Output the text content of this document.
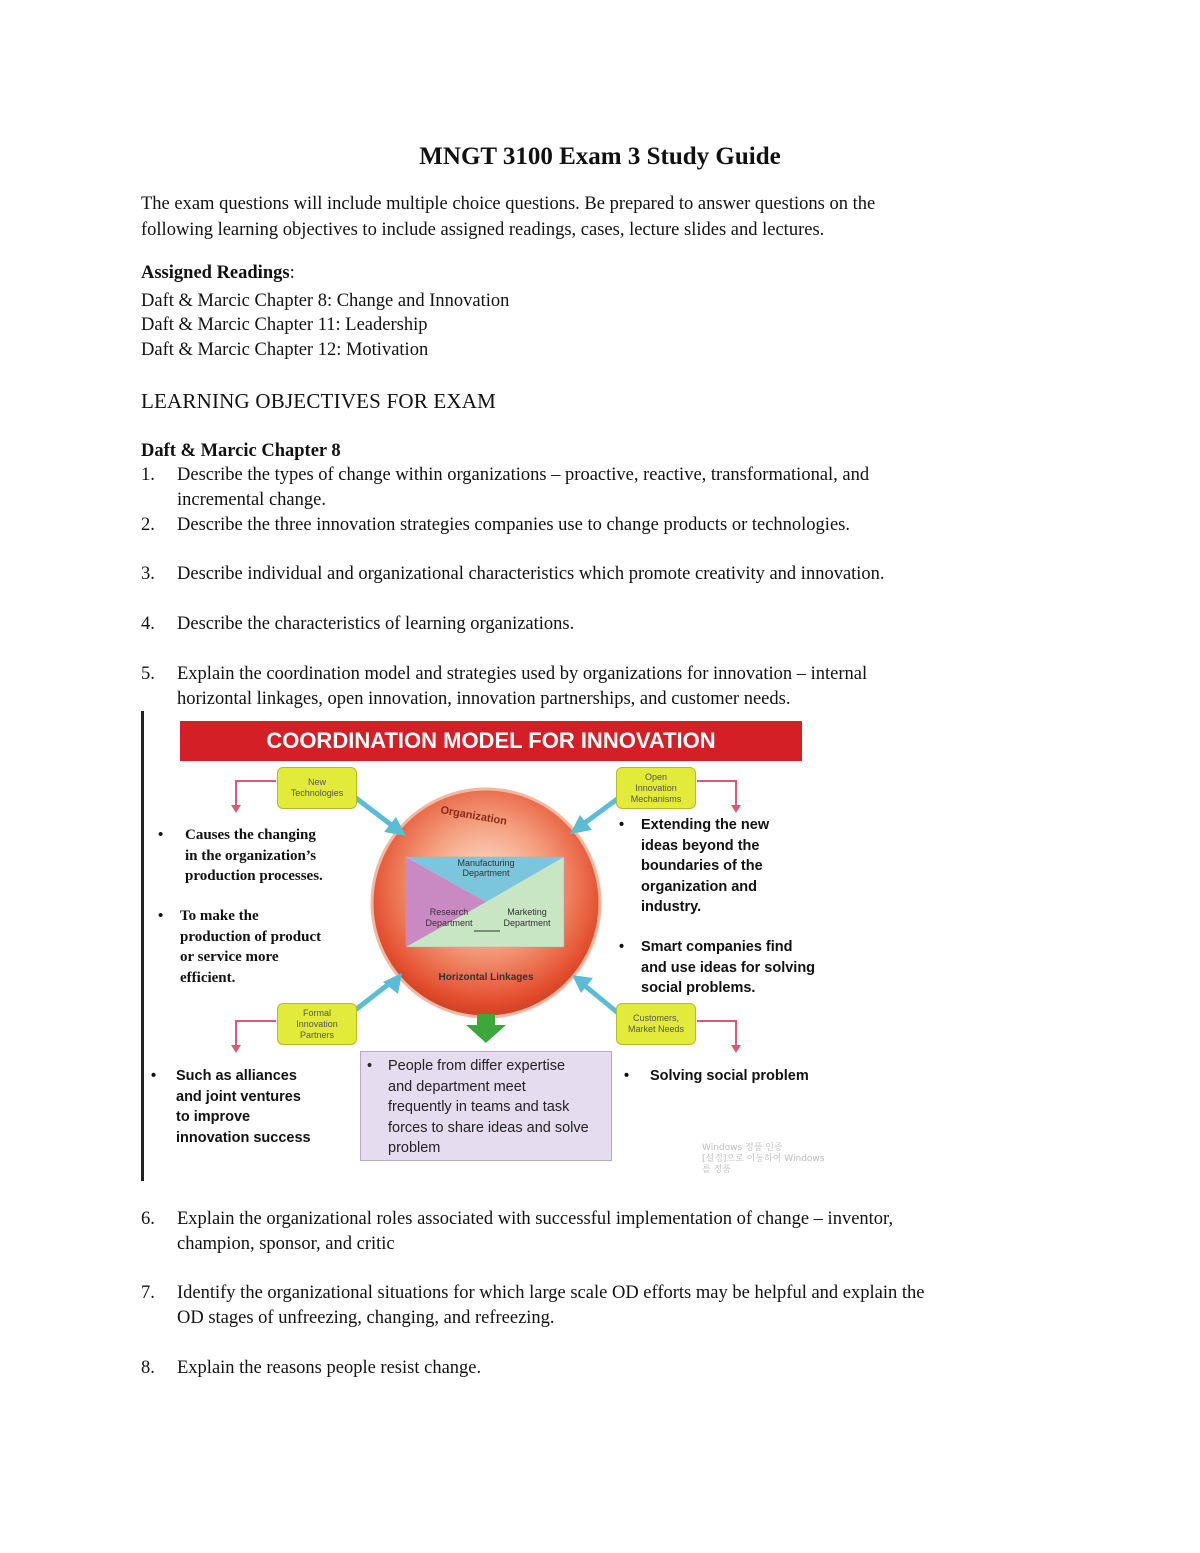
MNGT 3100 Exam 3 Study Guide
The exam questions will include multiple choice questions. Be prepared to answer questions on the
following learning objectives to include assigned readings, cases, lecture slides and lectures.
Assigned Readings:
Daft & Marcic Chapter 8: Change and Innovation
Daft & Marcic Chapter 11: Leadership
Daft & Marcic Chapter 12: Motivation
LEARNING OBJECTIVES FOR EXAM
Daft & Marcic Chapter 8
1.	Describe the types of change within organizations – proactive, reactive, transformational, and
incremental change.
2.	Describe the three innovation strategies companies use to change products or technologies.
3.	Describe individual and organizational characteristics which promote creativity and innovation.
4.	Describe the characteristics of learning organizations.
5.	Explain the coordination model and strategies used by organizations for innovation – internal
horizontal linkages, open innovation, innovation partnerships, and customer needs.
COORDINATION MODEL FOR INNOVATION
Organization
Manufacturing
Department
Research
Department
Marketing
Department
Horizontal Linkages
New
Technologies
Open
Innovation
Mechanisms
Formal
Innovation
Partners
Customers,
Market Needs
• Causes the changing
in the organization’s
production processes.
• To make the
production of product
or service more
efficient.
• Extending the new
ideas beyond the
boundaries of the
organization and
industry.
• Smart companies find
and use ideas for solving
social problems.
• Such as alliances
and joint ventures
to improve
innovation success
• People from differ expertise
and department meet
frequently in teams and task
forces to share ideas and solve
problem
• Solving social problem
Windows 정품 인증
[설정]으로 이동하여 Windows를 정품
6.	Explain the organizational roles associated with successful implementation of change – inventor,
champion, sponsor, and critic
7.	Identify the organizational situations for which large scale OD efforts may be helpful and explain the
OD stages of unfreezing, changing, and refreezing.
8.	Explain the reasons people resist change.
